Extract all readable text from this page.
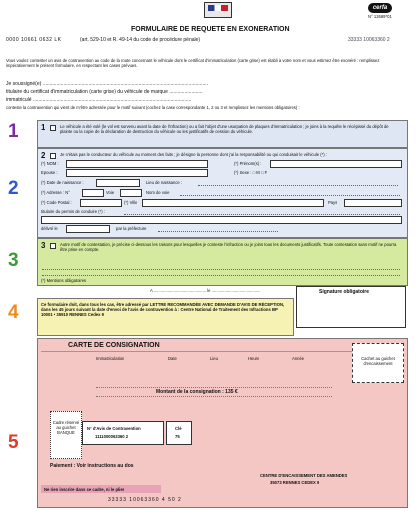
cerfa
N° 12669*01
FORMULAIRE DE REQUÊTE EN EXONÉRATION
0000 10661 0632 LK	(art. 529-10 et R. 49-14 du code de procédure pénale)	33333 10063360 2
Vous voulez contester un avis de contravention au code de la route concernant le véhicule dont le certificat d'immatriculation (carte grise) est établi à votre nom et vous estimez être exonéré : remplissez impérativement le présent formulaire, en respectant les cases prévues.
Je soussigné(e) .......................................................................................................................
titulaire du certificat d'immatriculation (carte grise) du véhicule de marque ........................
immatriculé ..................................................................................................................
conteste la contravention qui vient de m'être adressée pour le motif suivant (cochez la case correspondante 1, 2 ou 3 et remplissez les mentions obligatoires) :
1	1	Le véhicule a été volé (le vol est survenu avant la date de l'infraction) ou a fait l'objet d'une usurpation de plaques d'immatriculation ; je joins à la requête le récépissé du dépôt de plainte ou la copie de la déclaration de destruction du véhicule ou les justificatifs de cession du véhicule.
2
2	Je n'étais pas le conducteur du véhicule au moment des faits ; je désigne la personne dont j'ai la responsabilité ou qui conduisait le véhicule (*) :
(*) NOM :	(*) Prénom(s) :
Epouse :	(*) Sexe : □ M □ F
(*) Date de naissance :	Lieu de naissance :
(*) Adresse : N°	Voie	Nom de voie
(*) Code Postal :	(*) Ville	Pays
titulaire du permis de conduire (*) :
délivré le	par la préfecture
3
3	Autre motif de contestation, je précise ci-dessous les raisons pour lesquelles je conteste l'infraction ou je joins tous les documents justificatifs. Toute contestation sans motif ne pourra être prise en compte.
(*) Mentions obligatoires
A ............................................. le ..........................................	Signature obligatoire
4	Ce formulaire doit, dans tous les cas, être adressé par LETTRE RECOMMANDÉE AVEC DEMANDE D'AVIS DE RÉCEPTION, dans les 45 jours suivant la date d'envoi de l'avis de contravention à : Centre National de Traitement des Infractions BP 10001 • 35910 RENNES Cedex 9
5
CARTE DE CONSIGNATION
Immatriculation	Date	Lieu	Heure	Année	Cachet au guichet d'encaissement
Cadre réservé au guichet BANQUE
Montant de la consignation : 135 €
N° d'Avis de Contravention
1111000063360 2
Clé
75
Paiement : Voir instructions au dos
CENTRE D'ENCAISSEMENT DES AMENDES
35073 RENNES CEDEX 9
Ne rien inscrire dans ce cadre, ni le plier
33333 10063360 4 50 2
